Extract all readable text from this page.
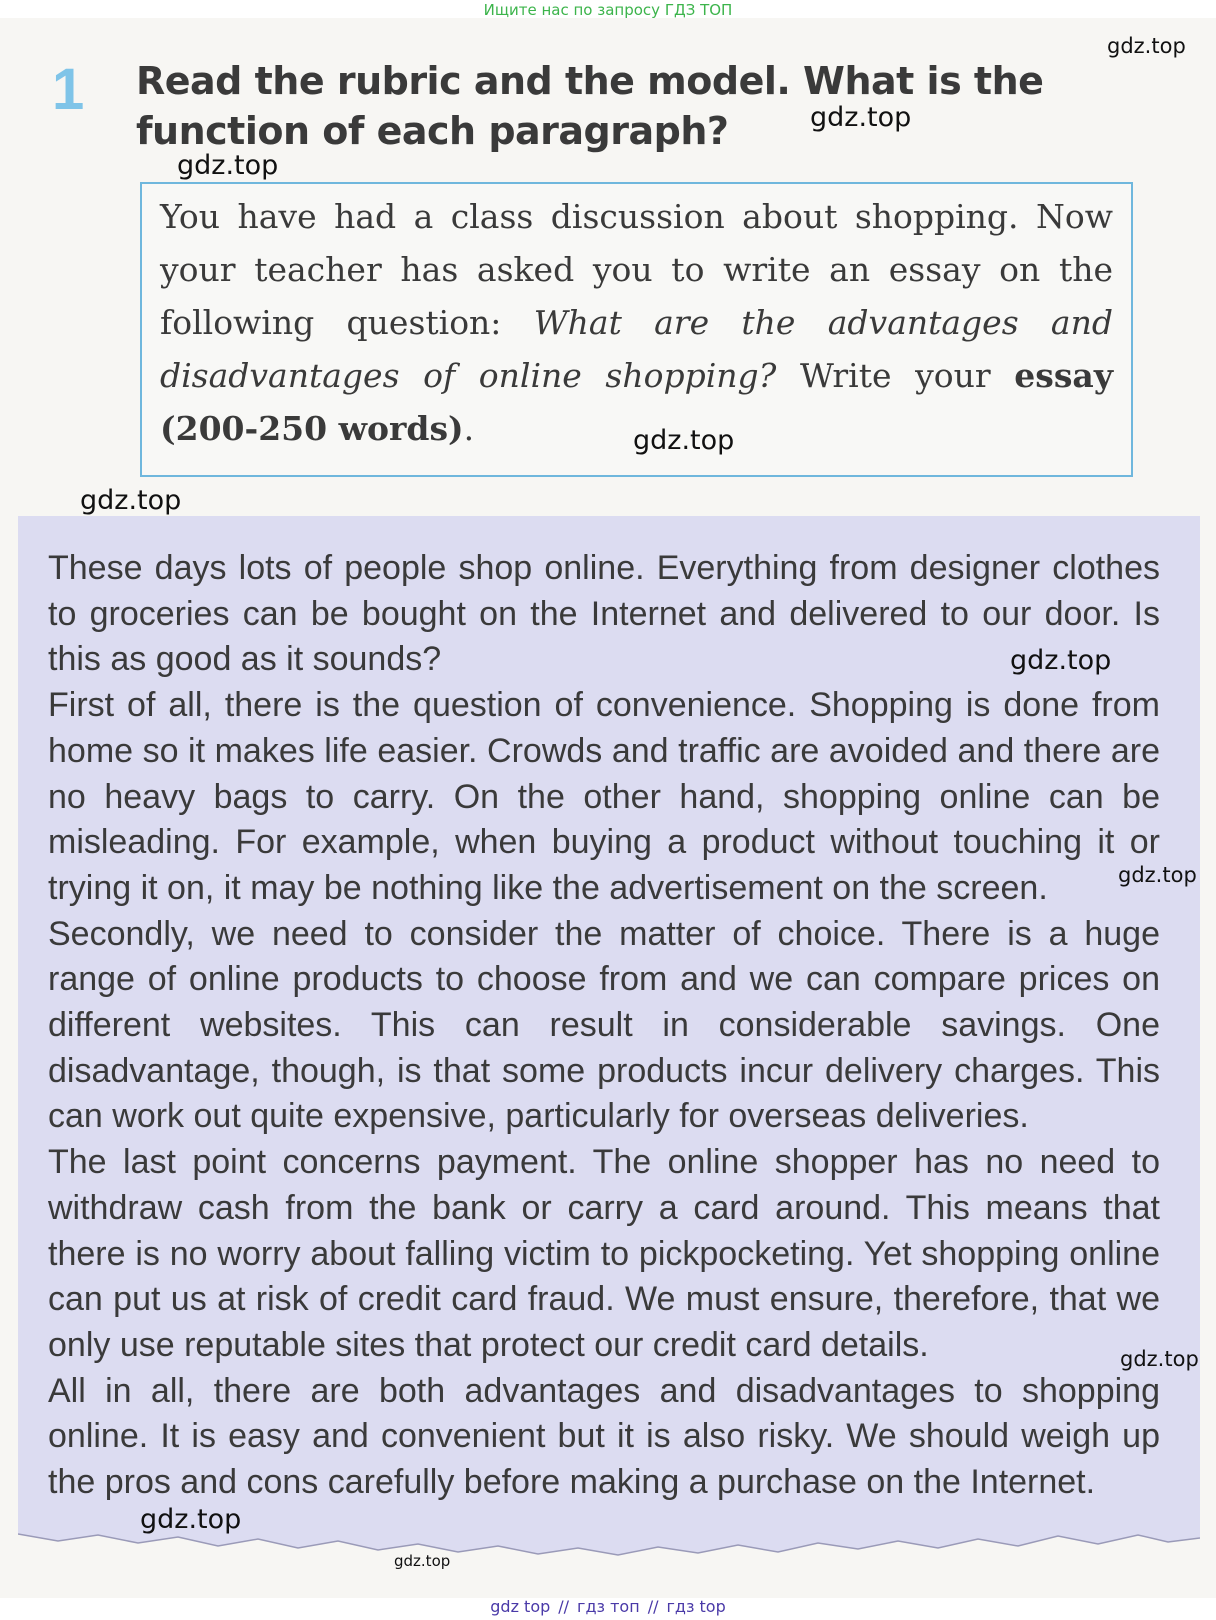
Ищите нас по запросу ГДЗ ТОП
1 Read the rubric and the model. What is the function of each paragraph?
You have had a class discussion about shopping. Now your teacher has asked you to write an essay on the following question: What are the advantages and disadvantages of online shopping? Write your essay (200-250 words).

These days lots of people shop online. Everything from designer clothes to groceries can be bought on the Internet and delivered to our door. Is this as good as it sounds?

First of all, there is the question of convenience. Shopping is done from home so it makes life easier. Crowds and traffic are avoided and there are no heavy bags to carry. On the other hand, shopping online can be misleading. For example, when buying a product without touching it or trying it on, it may be nothing like the advertisement on the screen.

Secondly, we need to consider the matter of choice. There is a huge range of online products to choose from and we can compare prices on different websites. This can result in considerable savings. One disadvantage, though, is that some products incur delivery charges. This can work out quite expensive, particularly for overseas deliveries.

The last point concerns payment. The online shopper has no need to withdraw cash from the bank or carry a card around. This means that there is no worry about falling victim to pickpocketing. Yet shopping online can put us at risk of credit card fraud. We must ensure, therefore, that we only use reputable sites that protect our credit card details.

All in all, there are both advantages and disadvantages to shopping online. It is easy and convenient but it is also risky. We should weigh up the pros and cons carefully before making a purchase on the Internet.

gdz.top
gdz.top
gdz.top
gdz.top
gdz.top
gdz.top
gdz.top
gdz.top
gdz.top
gdz.top
gdz top // гдз топ // гдз top
